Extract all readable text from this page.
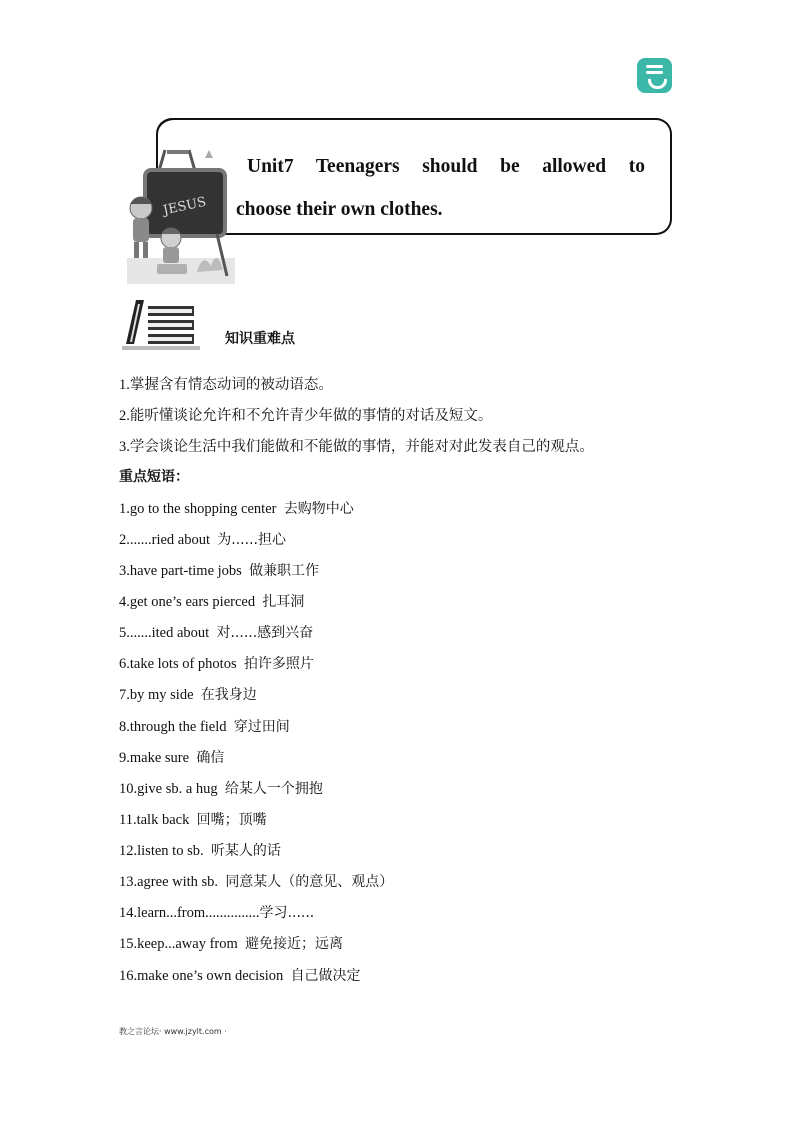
Unit7 Teenagers should be allowed to
choose their own clothes.
JESUS
知识重难点
1.掌握含有情态动词的被动语态。
2.能听懂谈论允许和不允许青少年做的事情的对话及短文。
3.学会谈论生活中我们能做和不能做的事情，并能对对此发表自己的观点。
重点短语：
1.go to the shopping center 去购物中心
2.......ried about 为......担心
3.have part-time jobs 做兼职工作
4.get one’s ears pierced 扎耳洞
5.......ited about 对......感到兴奋
6.take lots of photos 拍许多照片
7.by my side 在我身边
8.through the field 穿过田间
9.make sure 确信
10.give sb. a hug 给某人一个拥抱
11.talk back 回嘴；顶嘴
12.listen to sb. 听某人的话
13.agree with sb. 同意某人（的意见、观点）
14.learn...from...............学习......
15.keep...away from 避免接近；远离
16.make one’s own decision 自己做决定
教之言论坛· www.jzylt.com ·
